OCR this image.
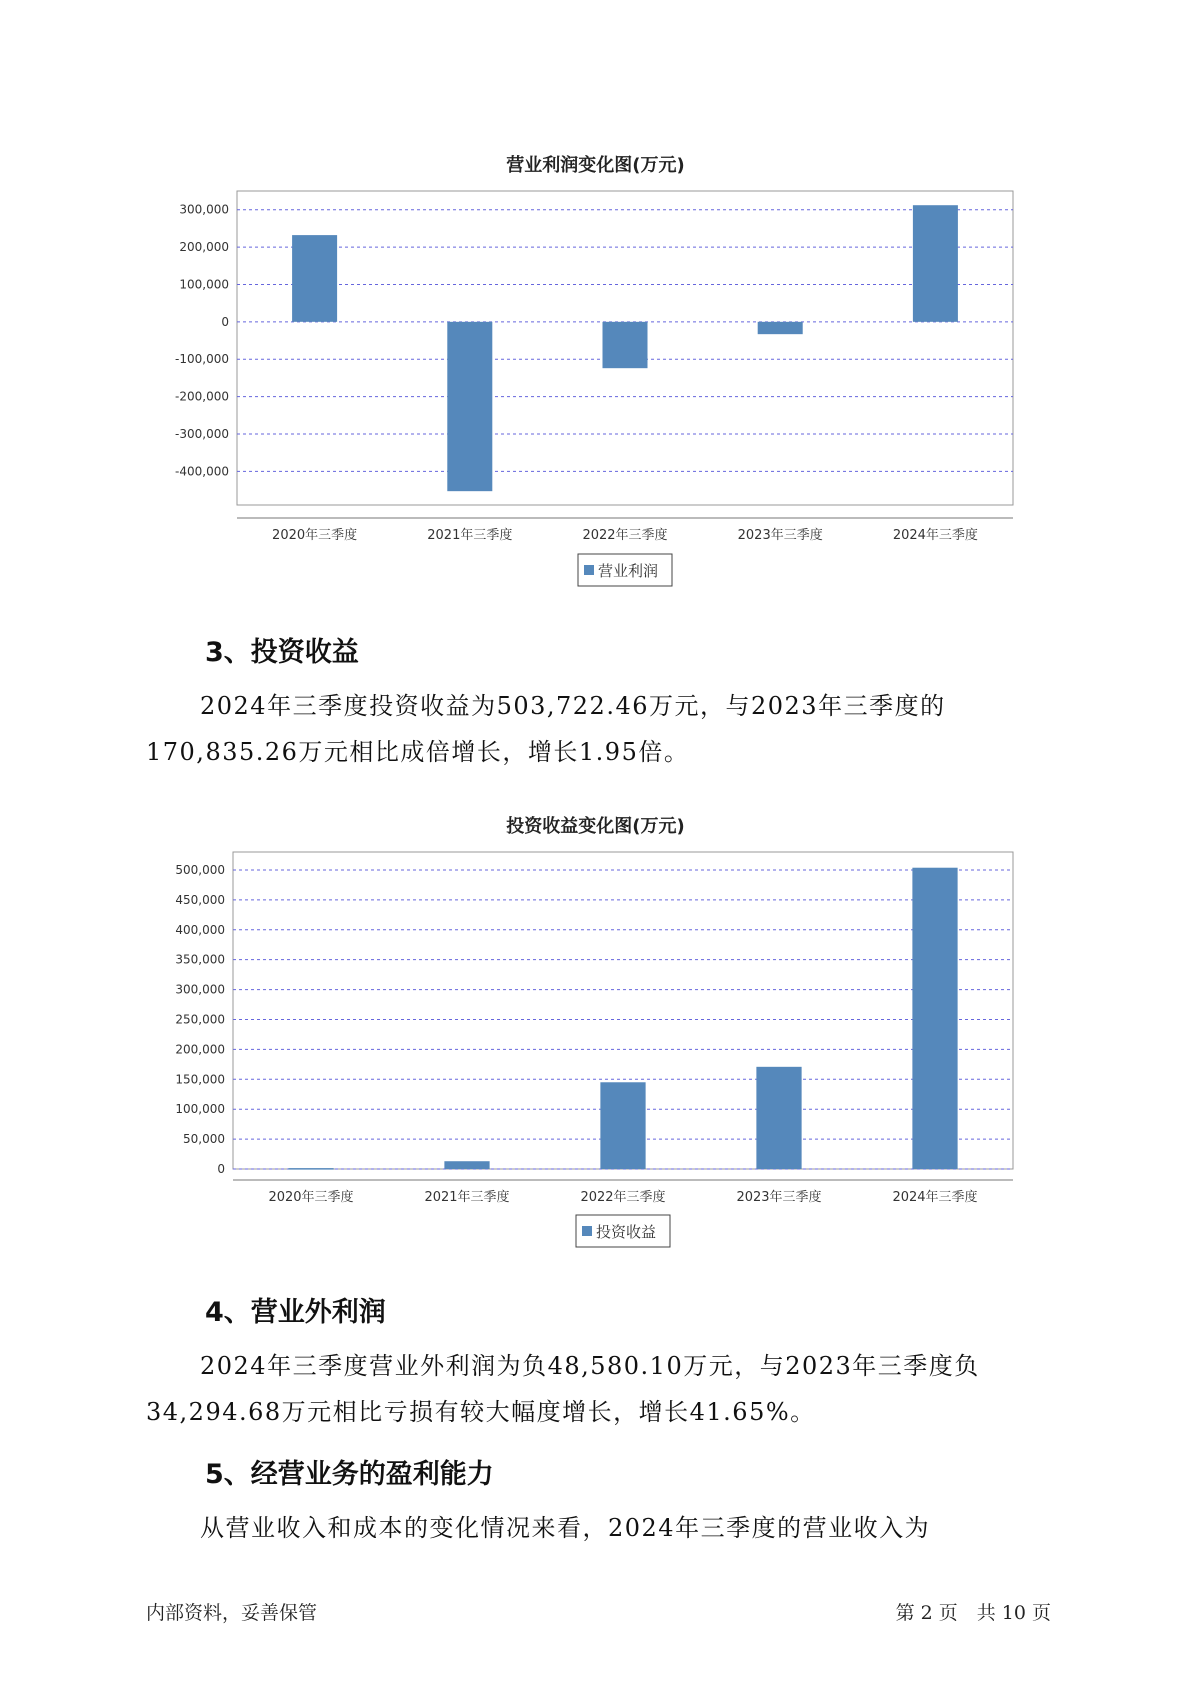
营业利润变化图(万元)
300,000
200,000
100,000
0
-100,000
-200,000
-300,000
-400,000
2020年三季度	2021年三季度	2022年三季度	2023年三季度	2024年三季度
营业利润
3、投资收益
2024年三季度投资收益为503,722.46万元，与2023年三季度的
170,835.26万元相比成倍增长，增长1.95倍。
投资收益变化图(万元)
500,000
450,000
400,000
350,000
300,000
250,000
200,000
150,000
100,000
50,000
0
2020年三季度	2021年三季度	2022年三季度	2023年三季度	2024年三季度
投资收益
4、营业外利润
2024年三季度营业外利润为负48,580.10万元，与2023年三季度负
34,294.68万元相比亏损有较大幅度增长，增长41.65%。
5、经营业务的盈利能力
从营业收入和成本的变化情况来看，2024年三季度的营业收入为
内部资料，妥善保管	第 2 页　共 10 页
